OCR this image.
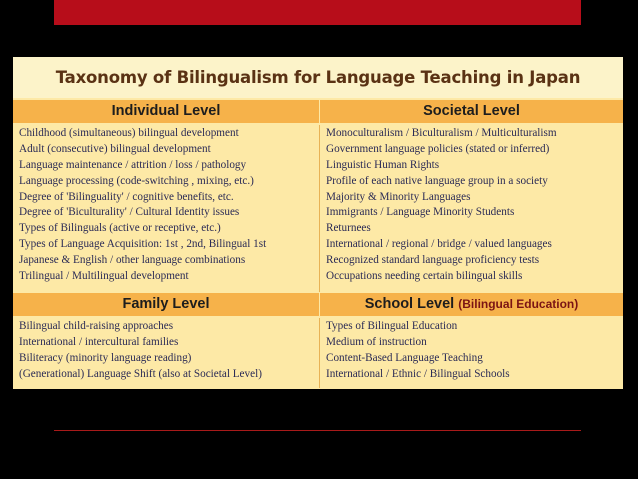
Taxonomy of Bilingualism for Language Teaching in Japan
Individual Level	Societal Level
Childhood (simultaneous) bilingual development
Adult (consecutive) bilingual development
Language maintenance / attrition / loss / pathology
Language processing (code-switching , mixing, etc.)
Degree of 'Bilinguality' / cognitive benefits, etc.
Degree of 'Biculturality' / Cultural Identity issues
Types of Bilinguals (active or receptive, etc.)
Types of Language Acquisition: 1st , 2nd, Bilingual 1st
Japanese & English / other language combinations
Trilingual / Multilingual development
Monoculturalism / Biculturalism / Multiculturalism
Government language policies (stated or inferred)
Linguistic Human Rights
Profile of each native language group in a society
Majority & Minority Languages
Immigrants / Language Minority Students
Returnees
International / regional / bridge / valued languages
Recognized standard language proficiency tests
Occupations needing certain bilingual skills
Family Level	School Level (Bilingual Education)
Bilingual child-raising approaches
International / intercultural families
Biliteracy (minority language reading)
(Generational) Language Shift (also at Societal Level)
Types of Bilingual Education
Medium of instruction
Content-Based Language Teaching
International / Ethnic / Bilingual Schools
